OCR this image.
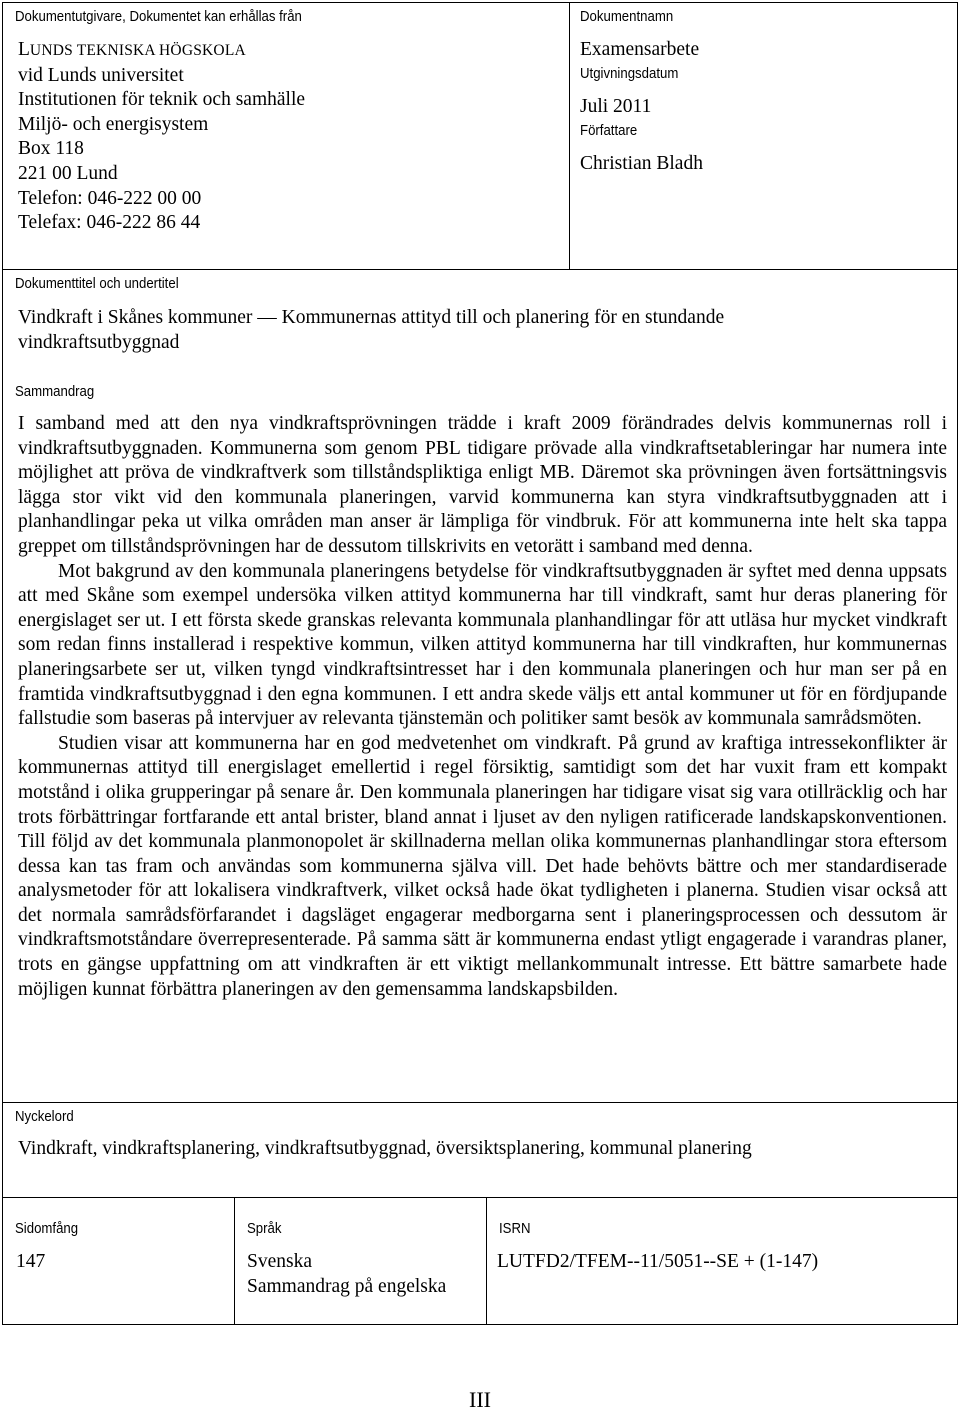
Dokumentutgivare, Dokumentet kan erhållas från
LUNDS TEKNISKA HÖGSKOLA
vid Lunds universitet
Institutionen för teknik och samhälle
Miljö- och energisystem
Box 118
221 00 Lund
Telefon: 046-222 00 00
Telefax: 046-222 86 44
Dokumentnamn
Examensarbete
Utgivningsdatum
Juli 2011
Författare
Christian Bladh
Dokumenttitel och undertitel
Vindkraft i Skånes kommuner — Kommunernas attityd till och planering för en stundande
vindkraftsutbyggnad
Sammandrag

I samband med att den nya vindkraftsprövningen trädde i kraft 2009 förändrades delvis kommunernas roll i vindkraftsutbyggnaden. Kommunerna som genom PBL tidigare prövade alla vindkraftsetableringar har numera inte möjlighet att pröva de vindkraftverk som tillståndspliktiga enligt MB. Däremot ska prövningen även fortsättningsvis lägga stor vikt vid den kommunala planeringen, varvid kommunerna kan styra vindkraftsutbyggnaden att i planhandlingar peka ut vilka områden man anser är lämpliga för vindbruk. För att kommunerna inte helt ska tappa greppet om tillståndsprövningen har de dessutom tillskrivits en vetorätt i samband med denna.

Mot bakgrund av den kommunala planeringens betydelse för vindkraftsutbyggnaden är syftet med denna uppsats att med Skåne som exempel undersöka vilken attityd kommunerna har till vindkraft, samt hur deras planering för energislaget ser ut. I ett första skede granskas relevanta kommunala planhandlingar för att utläsa hur mycket vindkraft som redan finns installerad i respektive kommun, vilken attityd kommunerna har till vindkraften, hur kommunernas planeringsarbete ser ut, vilken tyngd vindkraftsintresset har i den kommunala planeringen och hur man ser på en framtida vindkraftsutbyggnad i den egna kommunen. I ett andra skede väljs ett antal kommuner ut för en fördjupande fallstudie som baseras på intervjuer av relevanta tjänstemän och politiker samt besök av kommunala samrådsmöten.

Studien visar att kommunerna har en god medvetenhet om vindkraft. På grund av kraftiga intressekonflikter är kommunernas attityd till energislaget emellertid i regel försiktig, samtidigt som det har vuxit fram ett kompakt motstånd i olika grupperingar på senare år. Den kommunala planeringen har tidigare visat sig vara otillräcklig och har trots förbättringar fortfarande ett antal brister, bland annat i ljuset av den nyligen ratificerade landskapskonventionen. Till följd av det kommunala planmonopolet är skillnaderna mellan olika kommunernas planhandlingar stora eftersom dessa kan tas fram och användas som kommunerna själva vill. Det hade behövts bättre och mer standardiserade analysmetoder för att lokalisera vindkraftverk, vilket också hade ökat tydligheten i planerna. Studien visar också att det normala samrådsförfarandet i dagsläget engagerar medborgarna sent i planeringsprocessen och dessutom är vindkraftsmotståndare överrepresenterade. På samma sätt är kommunerna endast ytligt engagerade i varandras planer, trots en gängse uppfattning om att vindkraften är ett viktigt mellankommunalt intresse. Ett bättre samarbete hade möjligen kunnat förbättra planeringen av den gemensamma landskapsbilden.

Nyckelord
Vindkraft, vindkraftsplanering, vindkraftsutbyggnad, översiktsplanering, kommunal planering
Sidomfång
147
Språk
Svenska
Sammandrag på engelska
ISRN
LUTFD2/TFEM--11/5051--SE + (1-147)
III
